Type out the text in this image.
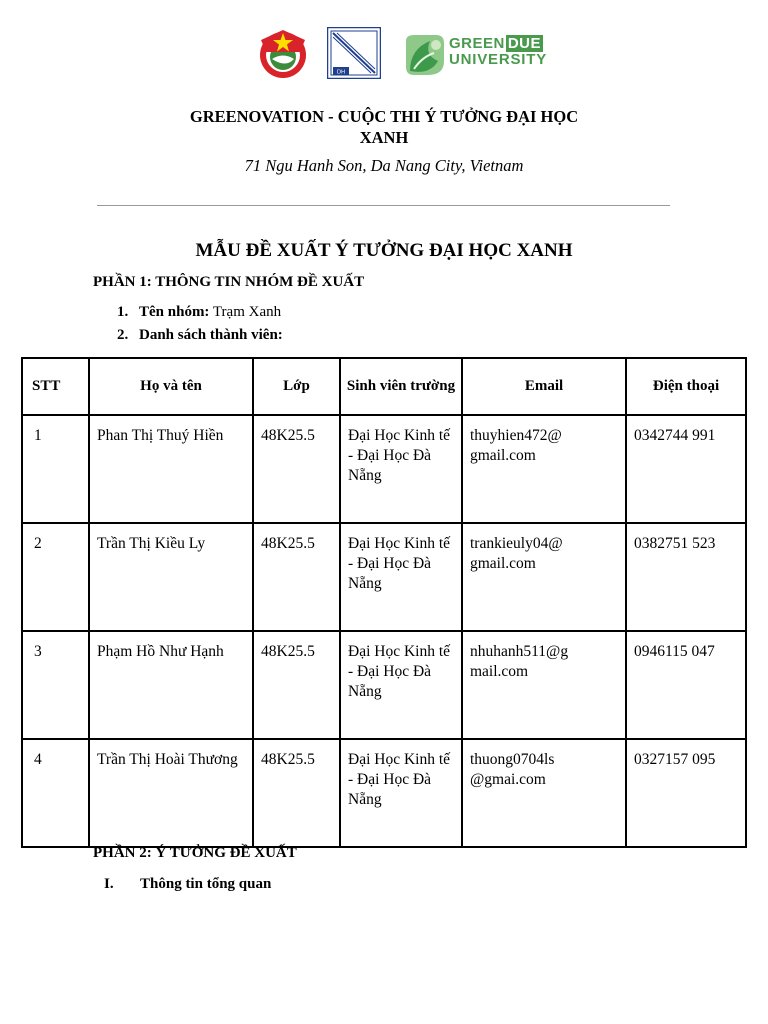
DH
GREEN DUE
UNIVERSITY
GREENOVATION - CUỘC THI Ý TƯỞNG ĐẠI HỌC
XANH
71 Ngu Hanh Son, Da Nang City, Vietnam
MẪU ĐỀ XUẤT Ý TƯỞNG ĐẠI HỌC XANH
PHẦN 1: THÔNG TIN NHÓM ĐỀ XUẤT
1. Tên nhóm: Trạm Xanh
2. Danh sách thành viên:
STT	Họ và tên	Lớp	Sinh viên trường	Email	Điện thoại
1	Phan Thị Thuý Hiền	48K25.5	Đại Học Kinh tế - Đại Học Đà Nẵng	thuyhien472@ gmail.com	0342744 991
2	Trần Thị Kiều Ly	48K25.5	Đại Học Kinh tế - Đại Học Đà Nẵng	trankieuly04@ gmail.com	0382751 523
3	Phạm Hồ Như Hạnh	48K25.5	Đại Học Kinh tế - Đại Học Đà Nẵng	nhuhanh511@g mail.com	0946115 047
4	Trần Thị Hoài Thương	48K25.5	Đại Học Kinh tế - Đại Học Đà Nẵng	thuong0704ls @gmai.com	0327157 095
PHẦN 2: Ý TƯỞNG ĐỀ XUẤT
I. Thông tin tổng quan
